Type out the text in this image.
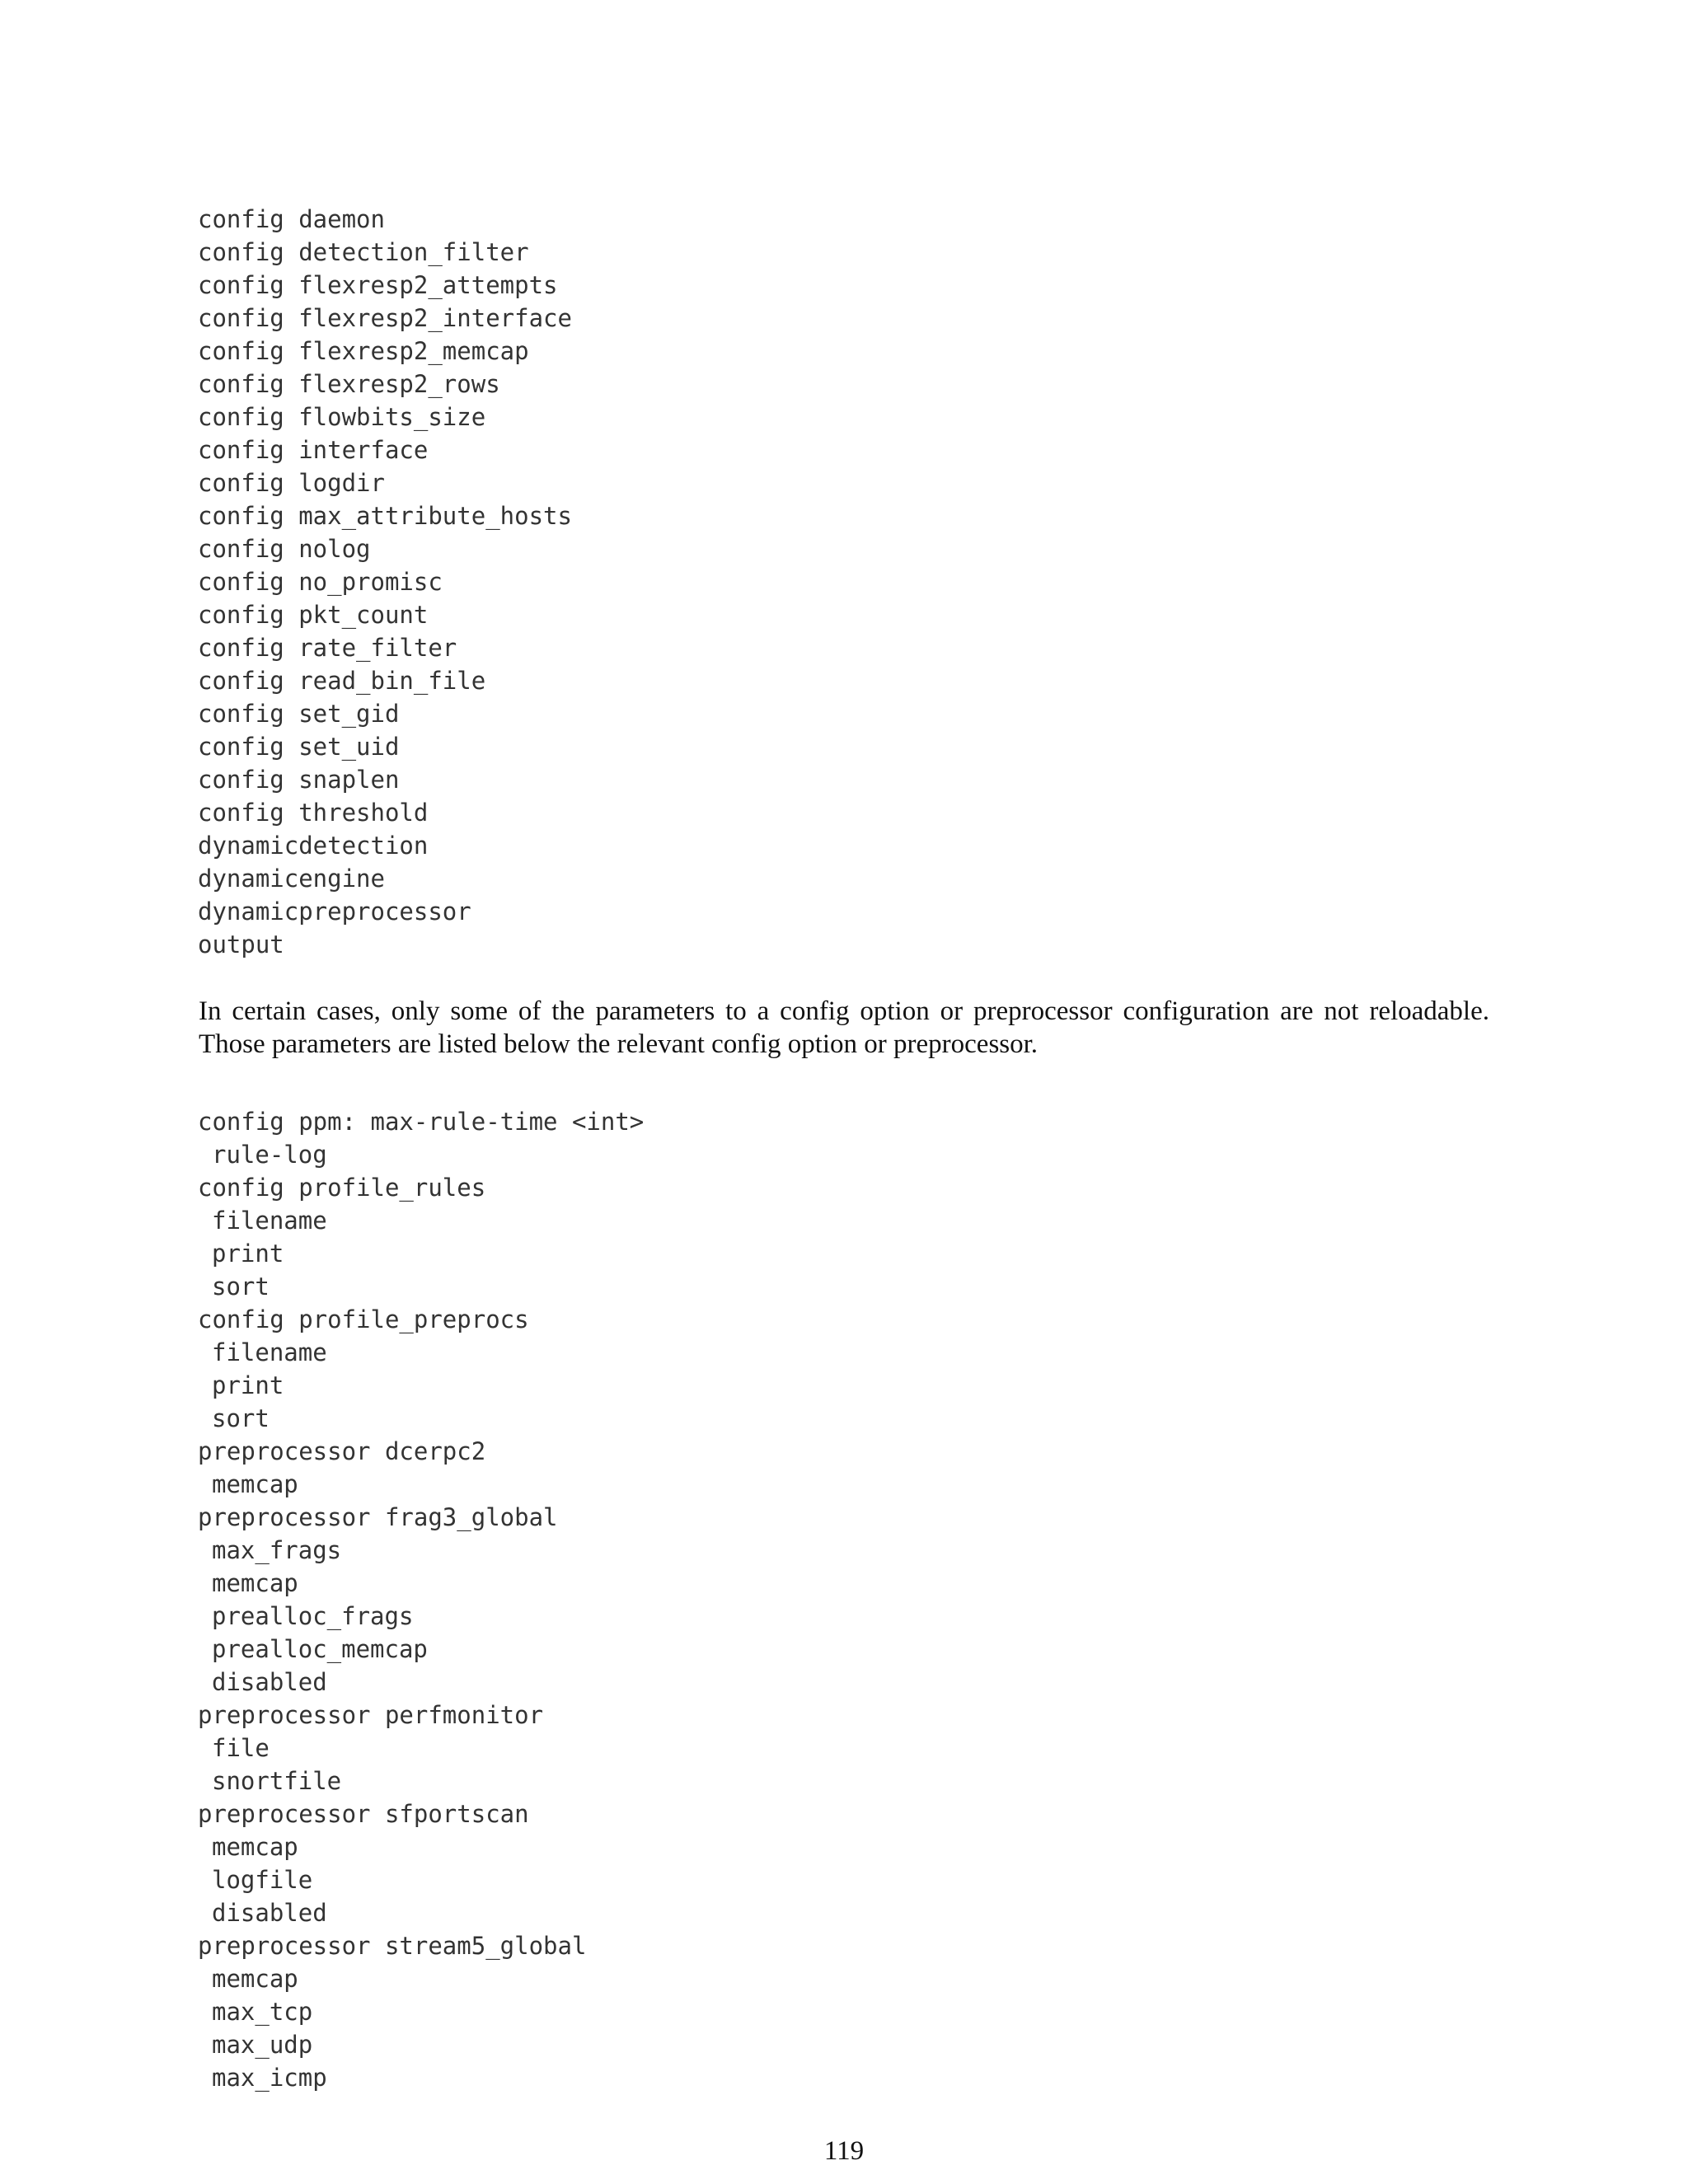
config daemon
config detection_filter
config flexresp2_attempts
config flexresp2_interface
config flexresp2_memcap
config flexresp2_rows
config flowbits_size
config interface
config logdir
config max_attribute_hosts
config nolog
config no_promisc
config pkt_count
config rate_filter
config read_bin_file
config set_gid
config set_uid
config snaplen
config threshold
dynamicdetection
dynamicengine
dynamicpreprocessor
output

In certain cases, only some of the parameters to a config option or preprocessor configuration are not reloadable. Those parameters are listed below the relevant config option or preprocessor.

config ppm: max-rule-time <int>
rule-log
config profile_rules
filename
print
sort
config profile_preprocs
filename
print
sort
preprocessor dcerpc2
memcap
preprocessor frag3_global
max_frags
memcap
prealloc_frags
prealloc_memcap
disabled
preprocessor perfmonitor
file
snortfile
preprocessor sfportscan
memcap
logfile
disabled
preprocessor stream5_global
memcap
max_tcp
max_udp
max_icmp
119
